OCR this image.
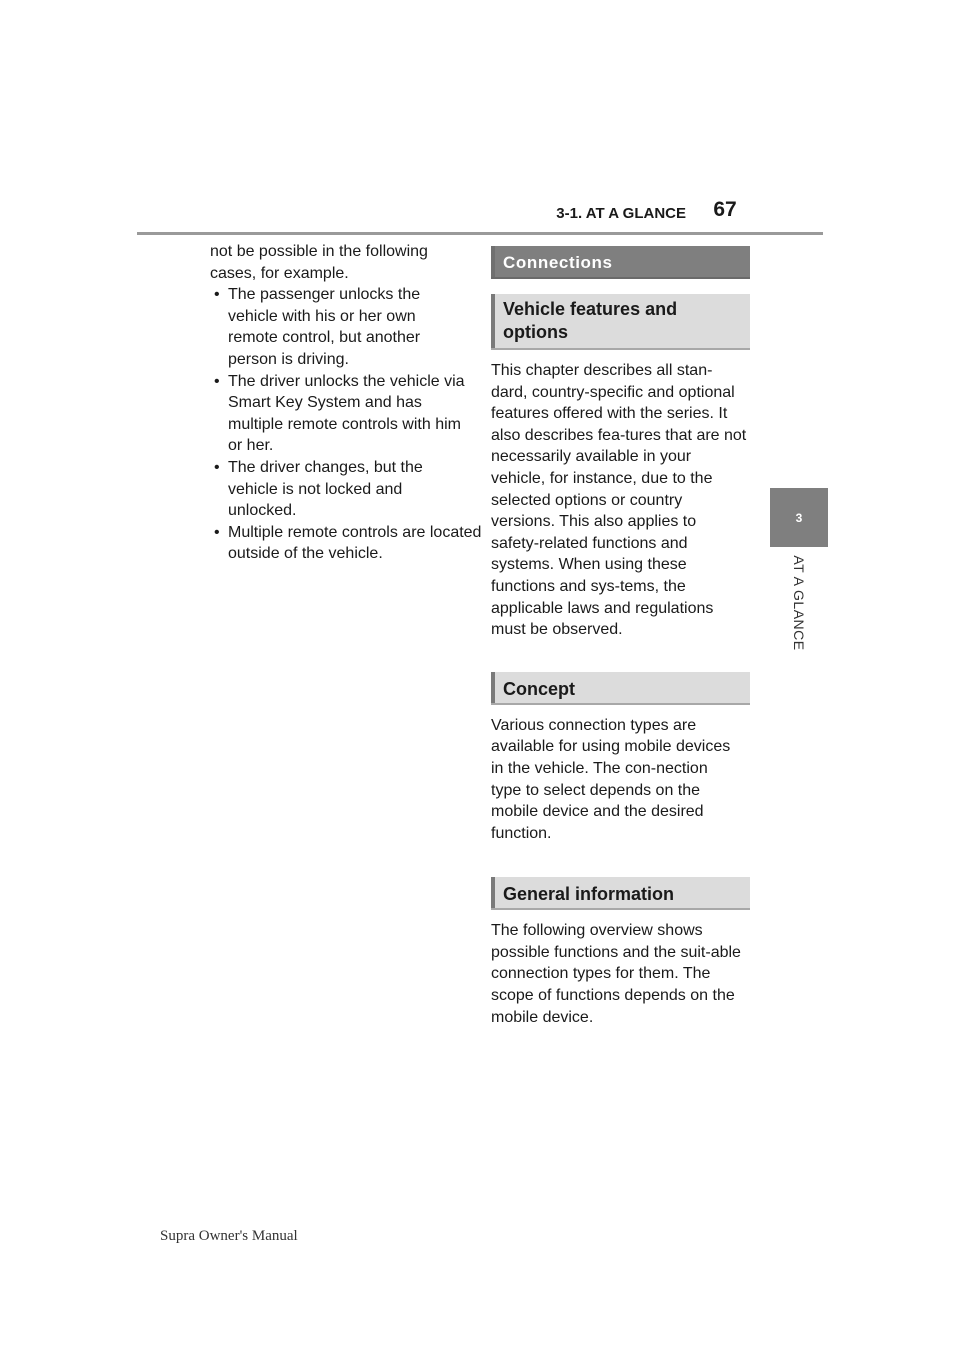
3-1. AT A GLANCE	67
3
AT A GLANCE

not be possible in the following cases, for example.

• The passenger unlocks the vehicle with his or her own remote control, but another person is driving.
• The driver unlocks the vehicle via Smart Key System and has multiple remote controls with him or her.
• The driver changes, but the vehicle is not locked and unlocked.
• Multiple remote controls are located outside of the vehicle.
Connections
Vehicle features and options

This chapter describes all stan-dard, country-specific and optional features offered with the series. It also describes fea-tures that are not necessarily available in your vehicle, for instance, due to the selected options or country versions. This also applies to safety-related functions and systems. When using these functions and sys-tems, the applicable laws and regulations must be observed.

Concept

Various connection types are available for using mobile devices in the vehicle. The con-nection type to select depends on the mobile device and the desired function.

General information

The following overview shows possible functions and the suit-able connection types for them. The scope of functions depends on the mobile device.

Supra Owner's Manual
